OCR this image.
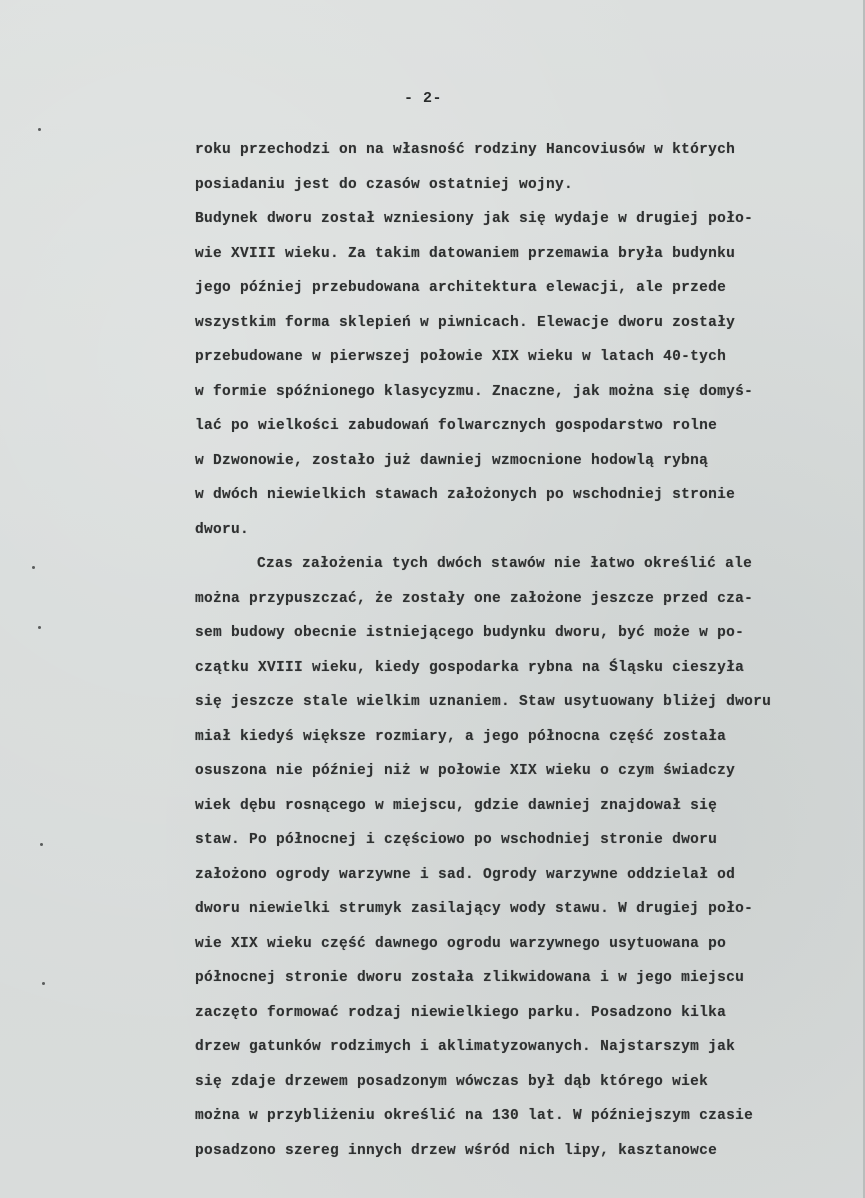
- 2-
roku przechodzi on na własność rodziny Hancoviusów w których
posiadaniu jest do czasów ostatniej wojny.
Budynek dworu został wzniesiony jak się wydaje w drugiej poło-
wie XVIII wieku. Za takim datowaniem przemawia bryła budynku
jego później przebudowana architektura elewacji, ale przede
wszystkim forma sklepień w piwnicach. Elewacje dworu zostały
przebudowane w pierwszej połowie XIX wieku w latach 40-tych
w formie spóźnionego klasycyzmu. Znaczne, jak można się domyś-
lać po wielkości zabudowań folwarcznych gospodarstwo rolne
w Dzwonowie, zostało już dawniej wzmocnione hodowlą rybną
w dwóch niewielkich stawach założonych po wschodniej stronie
dworu.
Czas założenia tych dwóch stawów nie łatwo określić ale
można przypuszczać, że zostały one założone jeszcze przed cza-
sem budowy obecnie istniejącego budynku dworu, być może w po-
czątku XVIII wieku, kiedy gospodarka rybna na Śląsku cieszyła
się jeszcze stale wielkim uznaniem. Staw usytuowany bliżej dworu
miał kiedyś większe rozmiary, a jego północna część została
osuszona nie później niż w połowie XIX wieku o czym świadczy
wiek dębu rosnącego w miejscu, gdzie dawniej znajdował się
staw. Po północnej i częściowo po wschodniej stronie dworu
założono ogrody warzywne i sad. Ogrody warzywne oddzielał od
dworu niewielki strumyk zasilający wody stawu. W drugiej poło-
wie XIX wieku część dawnego ogrodu warzywnego usytuowana po
północnej stronie dworu została zlikwidowana i w jego miejscu
zaczęto formować rodzaj niewielkiego parku. Posadzono kilka
drzew gatunków rodzimych i aklimatyzowanych. Najstarszym jak
się zdaje drzewem posadzonym wówczas był dąb którego wiek
można w przybliżeniu określić na 130 lat. W późniejszym czasie
posadzono szereg innych drzew wśród nich lipy, kasztanowce
